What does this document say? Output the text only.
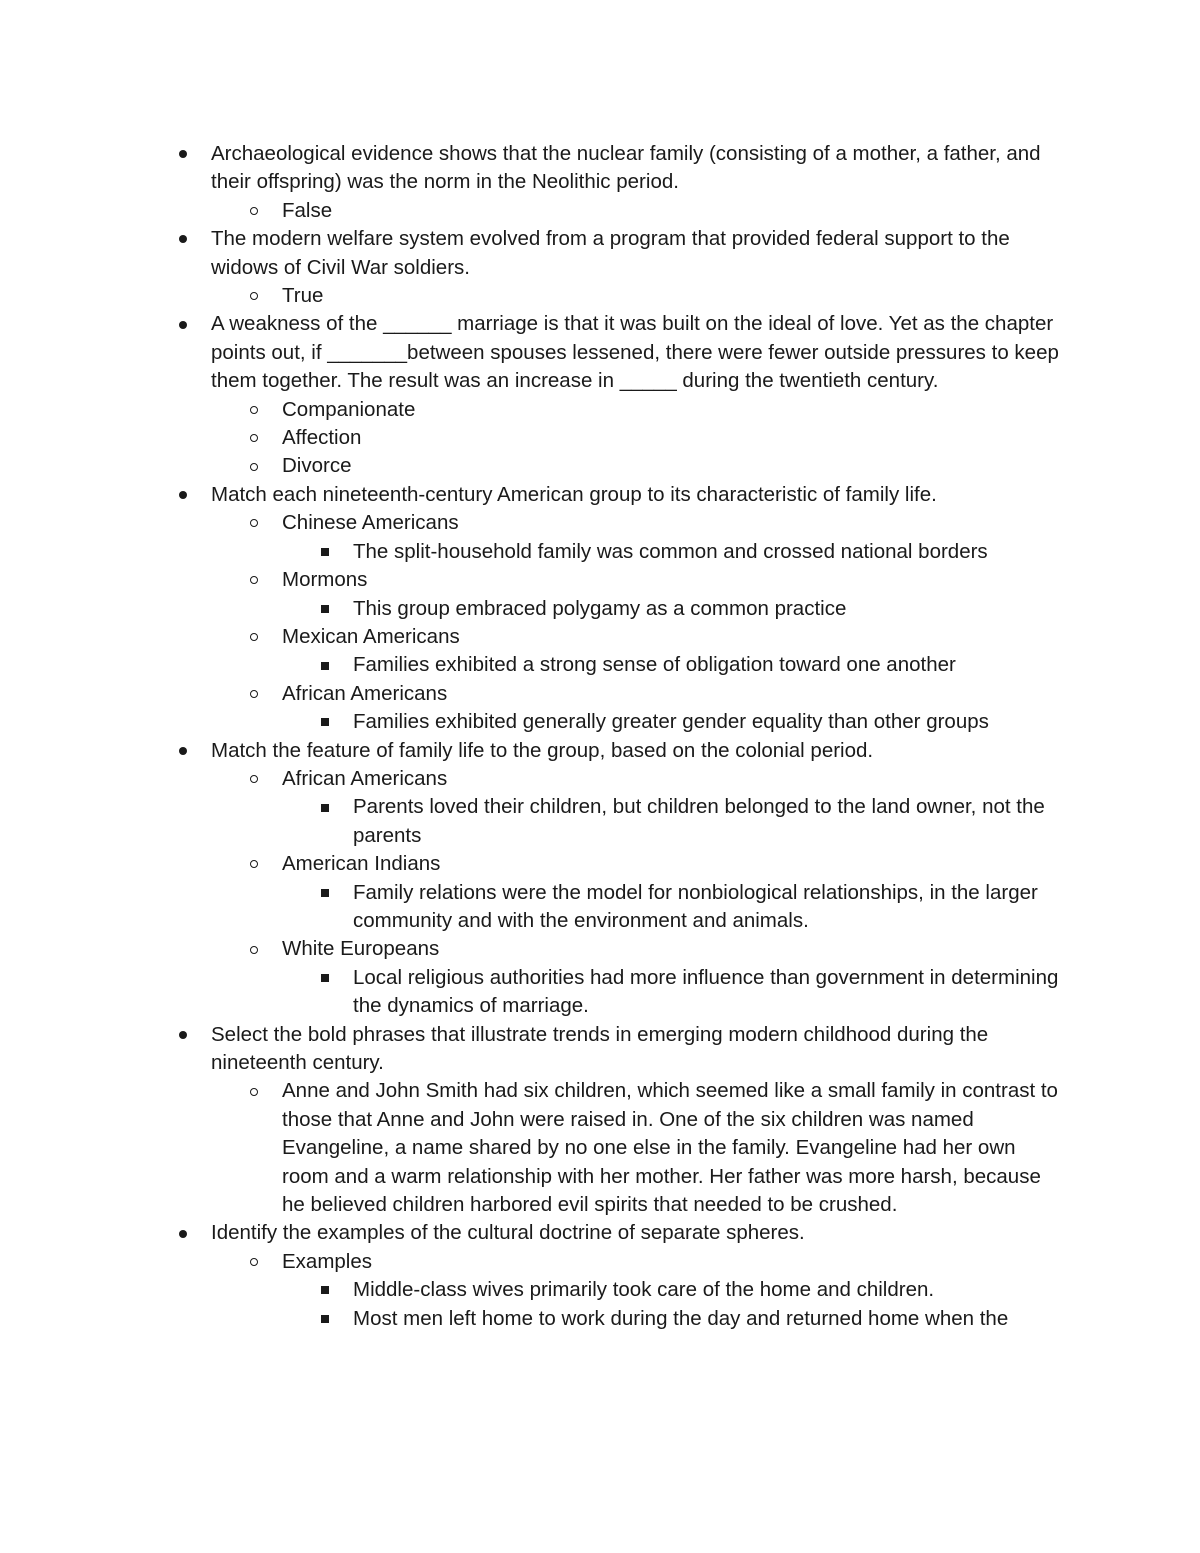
Archaeological evidence shows that the nuclear family (consisting of a mother, a father, and their offspring) was the norm in the Neolithic period.
False
The modern welfare system evolved from a program that provided federal support to the widows of Civil War soldiers.
True
A weakness of the ______ marriage is that it was built on the ideal of love. Yet as the chapter points out, if _______between spouses lessened, there were fewer outside pressures to keep them together. The result was an increase in _____ during the twentieth century.
Companionate
Affection
Divorce
Match each nineteenth-century American group to its characteristic of family life.
Chinese Americans
The split-household family was common and crossed national borders
Mormons
This group embraced polygamy as a common practice
Mexican Americans
Families exhibited a strong sense of obligation toward one another
African Americans
Families exhibited generally greater gender equality than other groups
Match the feature of family life to the group, based on the colonial period.
African Americans
Parents loved their children, but children belonged to the land owner, not the parents
American Indians
Family relations were the model for nonbiological relationships, in the larger community and with the environment and animals.
White Europeans
Local religious authorities had more influence than government in determining the dynamics of marriage.
Select the bold phrases that illustrate trends in emerging modern childhood during the nineteenth century.
Anne and John Smith had six children, which seemed like a small family in contrast to those that Anne and John were raised in. One of the six children was named Evangeline, a name shared by no one else in the family. Evangeline had her own room and a warm relationship with her mother. Her father was more harsh, because he believed children harbored evil spirits that needed to be crushed.
Identify the examples of the cultural doctrine of separate spheres.
Examples
Middle-class wives primarily took care of the home and children.
Most men left home to work during the day and returned home when the
